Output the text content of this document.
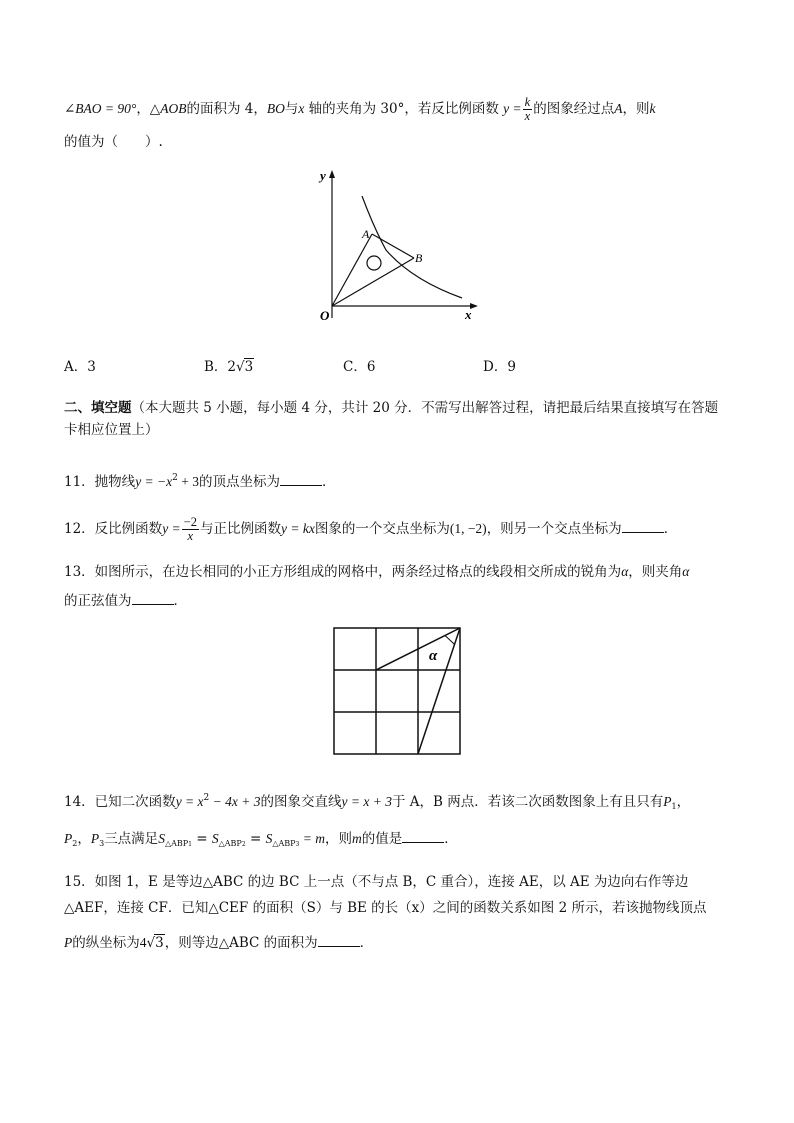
∠BAO = 90°，△AOB的面积为 4，BO与x 轴的夹角为 30°，若反比例函数 $y = \frac{k}{x}$ 的图象经过点A，则k
的值为（　　）.
y
x
O
A
B
A．3	B．2√3	C．6	D．9
二、填空题（本大题共 5 小题，每小题 4 分，共计 20 分．不需写出解答过程，请把最后结果直接填写在答题
卡相应位置上）
11．抛物线$y = -x^2 + 3$的顶点坐标为	．
12．反比例函数$y = \frac{-2}{x}$ 与正比例函数y = kx图象的一个交点坐标为(1, −2)，则另一个交点坐标为	．
13．如图所示，在边长相同的小正方形组成的网格中，两条经过格点的线段相交所成的锐角为α，则夹角α
的正弦值为	．
α
14．已知二次函数$y = x^2 - 4x + 3$的图象交直线y = x + 3于 A，B 两点．若该二次函数图象上有且只有$P_1$，
$P_2$，$P_3$三点满足$S_{\triangle ABP1} = S_{\triangle ABP2} = S_{\triangle ABP3} = m$，则m的值是	．
15．如图 1，E 是等边△ABC 的边 BC 上一点（不与点 B，C 重合），连接 AE，以 AE 为边向右作等边
△AEF，连接 CF．已知△CEF 的面积（S）与 BE 的长（x）之间的函数关系如图 2 所示，若该抛物线顶点
P的纵坐标为4√3，则等边△ABC 的面积为	．
